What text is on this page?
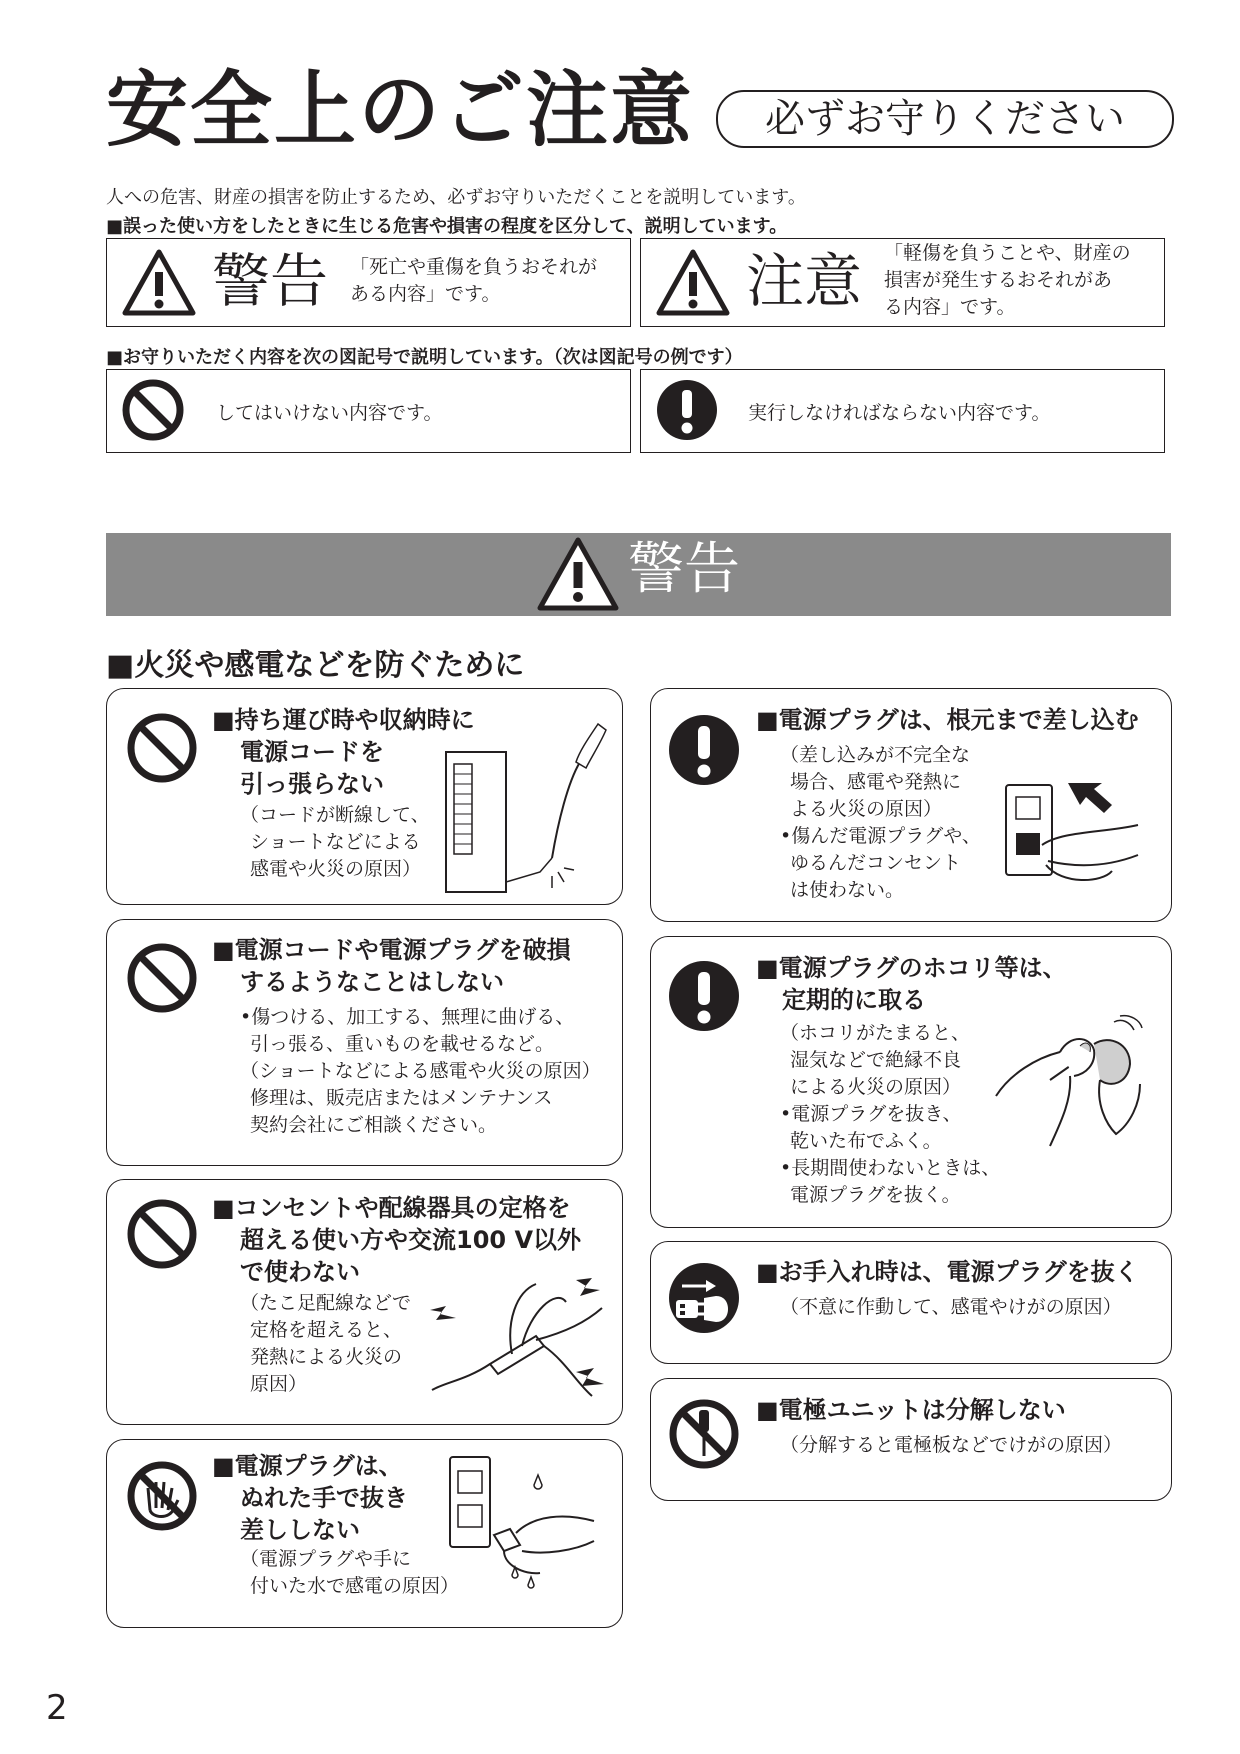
安全上のご注意	必ずお守りください
人への危害、財産の損害を防止するため、必ずお守りいただくことを説明しています。
■誤った使い方をしたときに生じる危害や損害の程度を区分して、説明しています。
警告 「死亡や重傷を負うおそれが
ある内容」です。	注意 「軽傷を負うことや、財産の
損害が発生するおそれがあ
る内容」です。
■お守りいただく内容を次の図記号で説明しています。（次は図記号の例です）
してはいけない内容です。	実行しなければならない内容です。
警告
■火災や感電などを防ぐために
■持ち運び時や収納時に
電源コードを
引っ張らない
（コードが断線して、
ショートなどによる
感電や火災の原因）
■電源コードや電源プラグを破損
するようなことはしない
•傷つける、加工する、無理に曲げる、
引っ張る、重いものを載せるなど。
（ショートなどによる感電や火災の原因）
修理は、販売店またはメンテナンス
契約会社にご相談ください。
■コンセントや配線器具の定格を
超える使い方や交流100 V以外
で使わない
（たこ足配線などで
定格を超えると、
発熱による火災の
原因）
■電源プラグは、
ぬれた手で抜き
差ししない
（電源プラグや手に
付いた水で感電の原因）
■電源プラグは、根元まで差し込む
（差し込みが不完全な
場合、感電や発熱に
よる火災の原因）
•傷んだ電源プラグや、
ゆるんだコンセント
は使わない。
■電源プラグのホコリ等は、
定期的に取る
（ホコリがたまると、
湿気などで絶縁不良
による火災の原因）
•電源プラグを抜き、
乾いた布でふく。
•長期間使わないときは、
電源プラグを抜く。
■お手入れ時は、電源プラグを抜く
（不意に作動して、感電やけがの原因）
■電極ユニットは分解しない
（分解すると電極板などでけがの原因）
2
